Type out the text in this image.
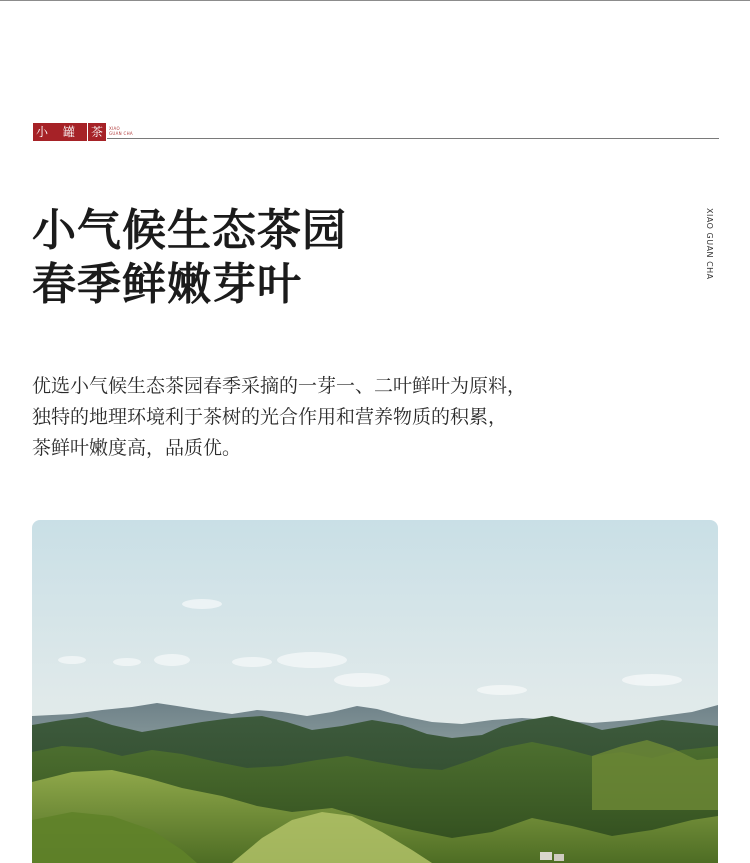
小	罐	茶	XIAO GUAN CHA
小气候生态茶园
春季鲜嫩芽叶
XIAO GUAN CHA
优选小气候生态茶园春季采摘的一芽一、二叶鲜叶为原料，
独特的地理环境利于茶树的光合作用和营养物质的积累，
茶鲜叶嫩度高，品质优。
